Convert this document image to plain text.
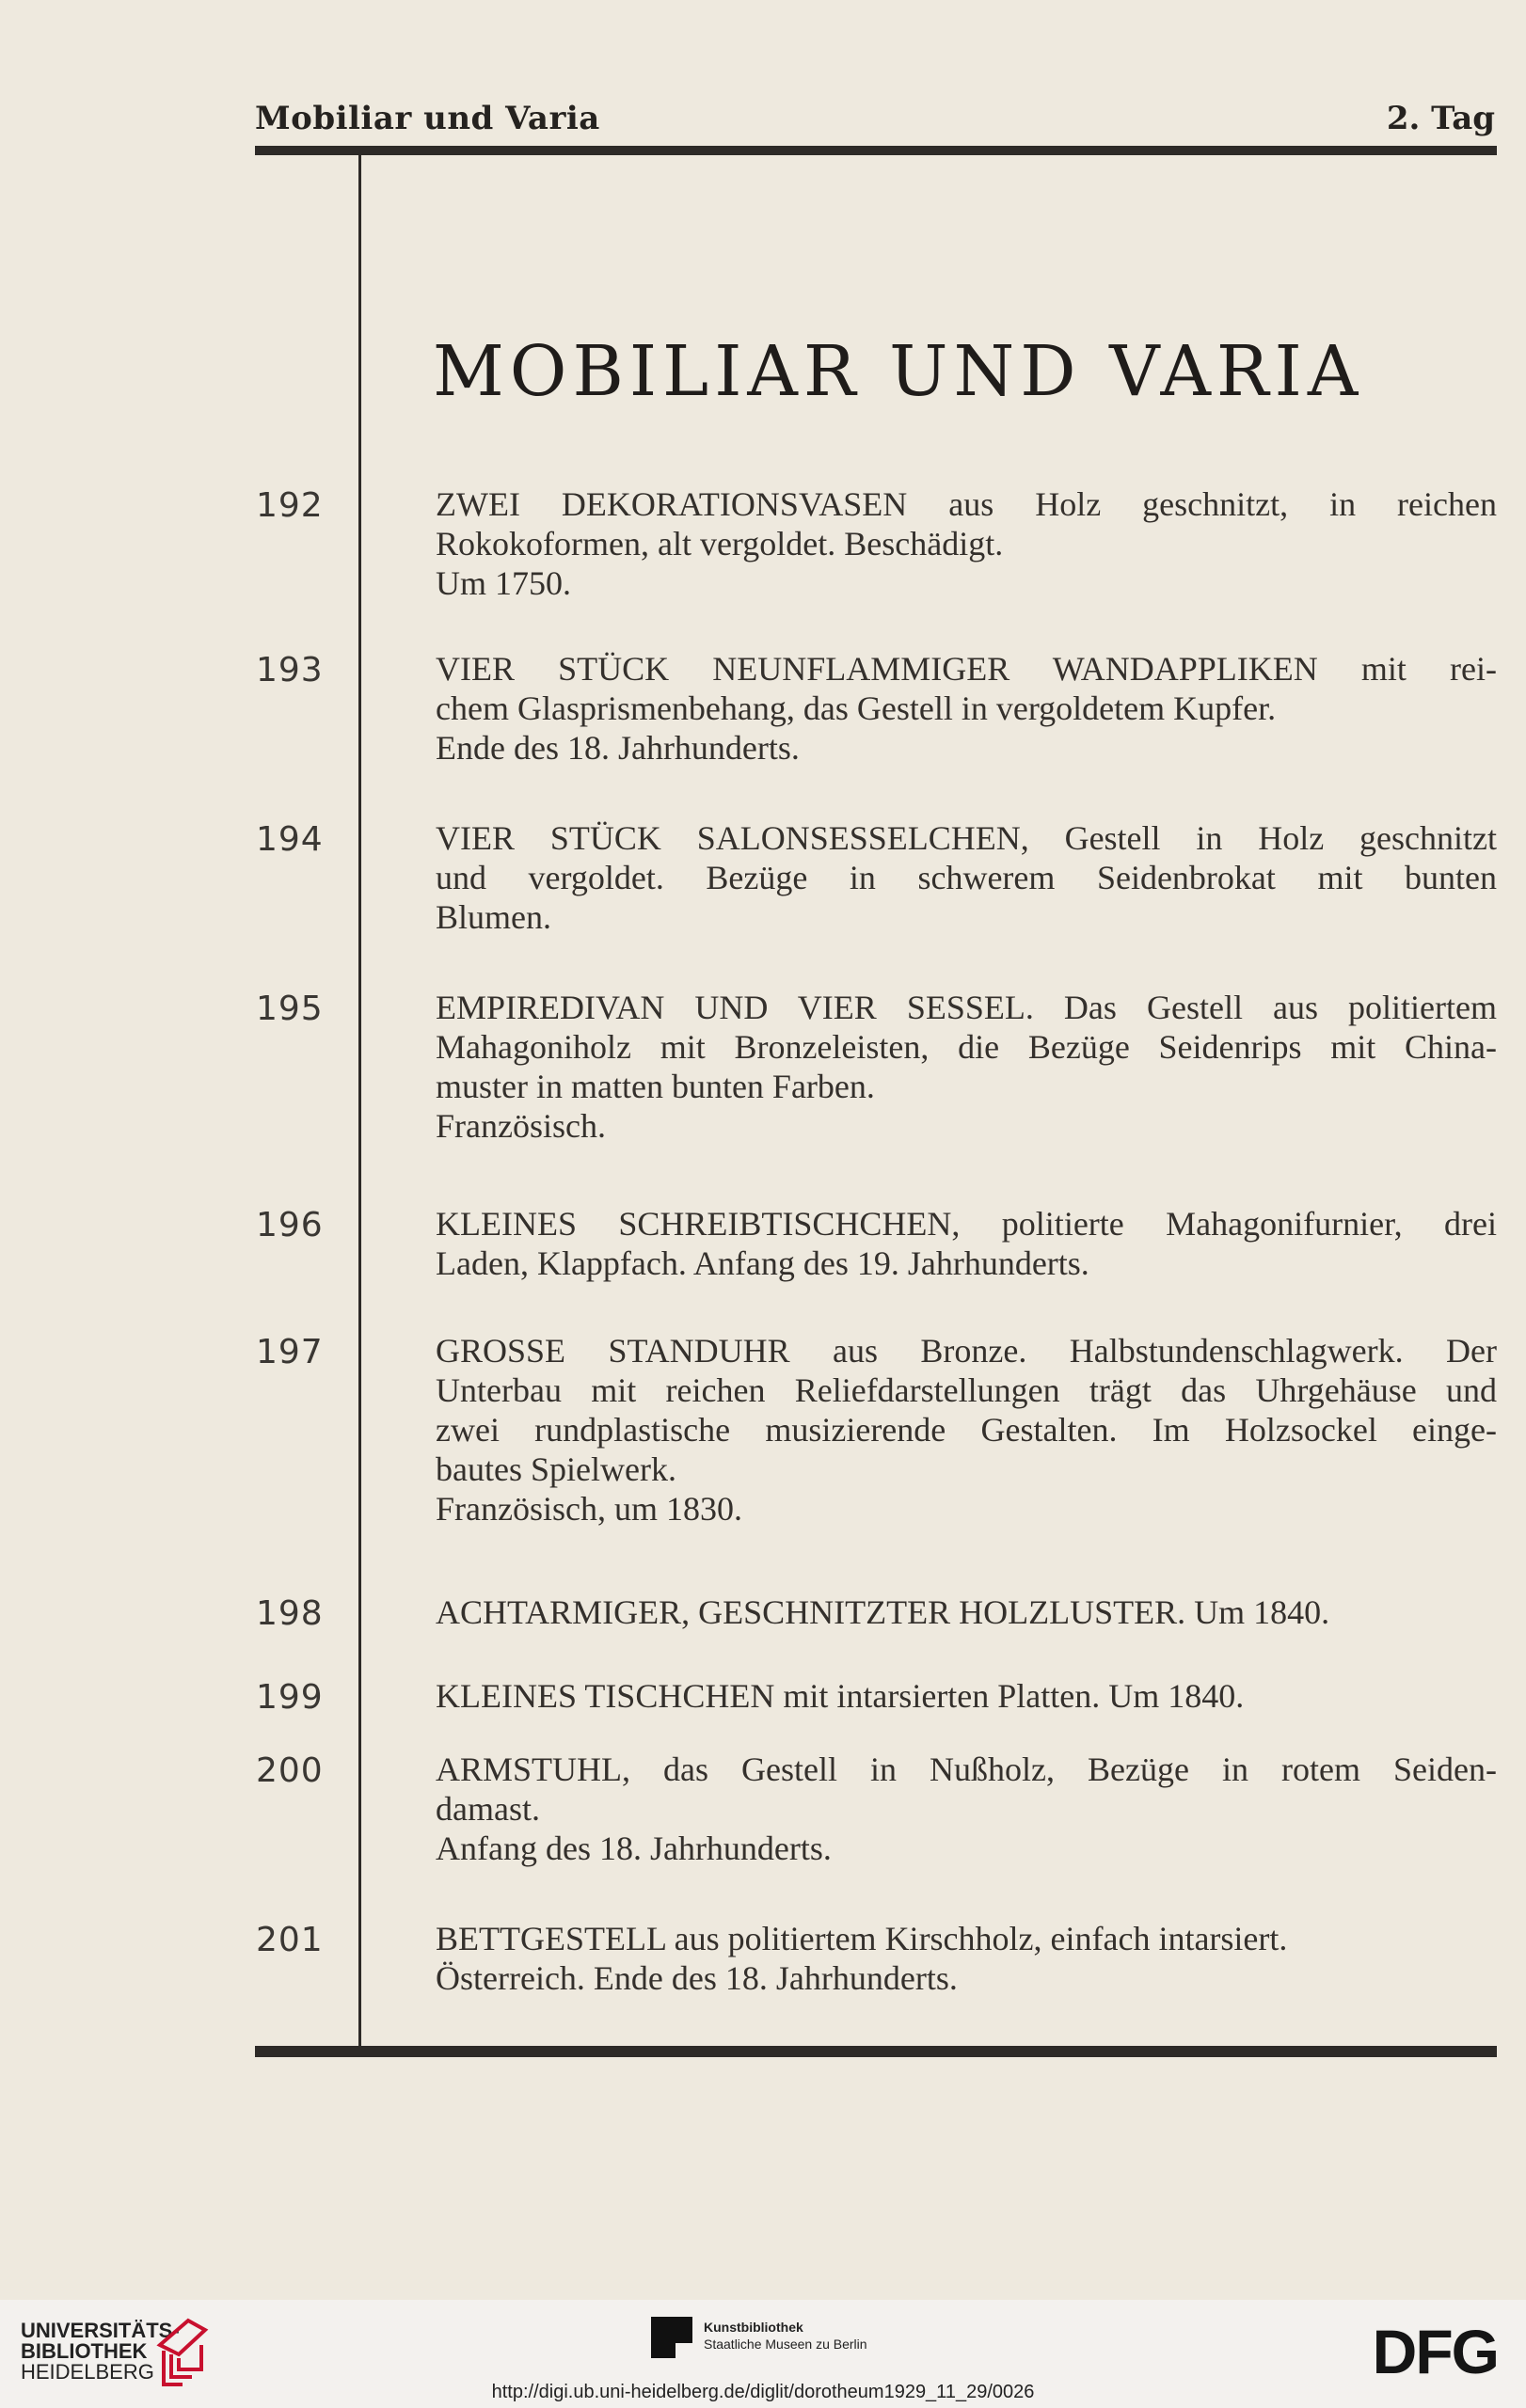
Mobiliar und Varia	2. Tag
MOBILIAR UND VARIA
192	ZWEI DEKORATIONSVASEN aus Holz geschnitzt, in reichen
Rokokoformen, alt vergoldet. Beschädigt.
Um 1750.
193	VIER STÜCK NEUNFLAMMIGER WANDAPPLIKEN mit rei-
chem Glasprismenbehang, das Gestell in vergoldetem Kupfer.
Ende des 18. Jahrhunderts.
194	VIER STÜCK SALONSESSELCHEN, Gestell in Holz geschnitzt
und vergoldet. Bezüge in schwerem Seidenbrokat mit bunten
Blumen.
195	EMPIREDIVAN UND VIER SESSEL. Das Gestell aus politiertem
Mahagoniholz mit Bronzeleisten, die Bezüge Seidenrips mit China-
muster in matten bunten Farben.
Französisch.
196	KLEINES SCHREIBTISCHCHEN, politierte Mahagonifurnier, drei
Laden, Klappfach. Anfang des 19. Jahrhunderts.
197	GROSSE STANDUHR aus Bronze. Halbstundenschlagwerk. Der
Unterbau mit reichen Reliefdarstellungen trägt das Uhrgehäuse und
zwei rundplastische musizierende Gestalten. Im Holzsockel einge-
bautes Spielwerk.
Französisch, um 1830.
198	ACHTARMIGER, GESCHNITZTER HOLZLUSTER. Um 1840.
199	KLEINES TISCHCHEN mit intarsierten Platten. Um 1840.
200	ARMSTUHL, das Gestell in Nußholz, Bezüge in rotem Seiden-
damast.
Anfang des 18. Jahrhunderts.
201	BETTGESTELL aus politiertem Kirschholz, einfach intarsiert.
Österreich. Ende des 18. Jahrhunderts.
UNIVERSITÄTS-
BIBLIOTHEK
HEIDELBERG
Kunstbibliothek
Staatliche Museen zu Berlin	DFG
http://digi.ub.uni-heidelberg.de/diglit/dorotheum1929_11_29/0026
